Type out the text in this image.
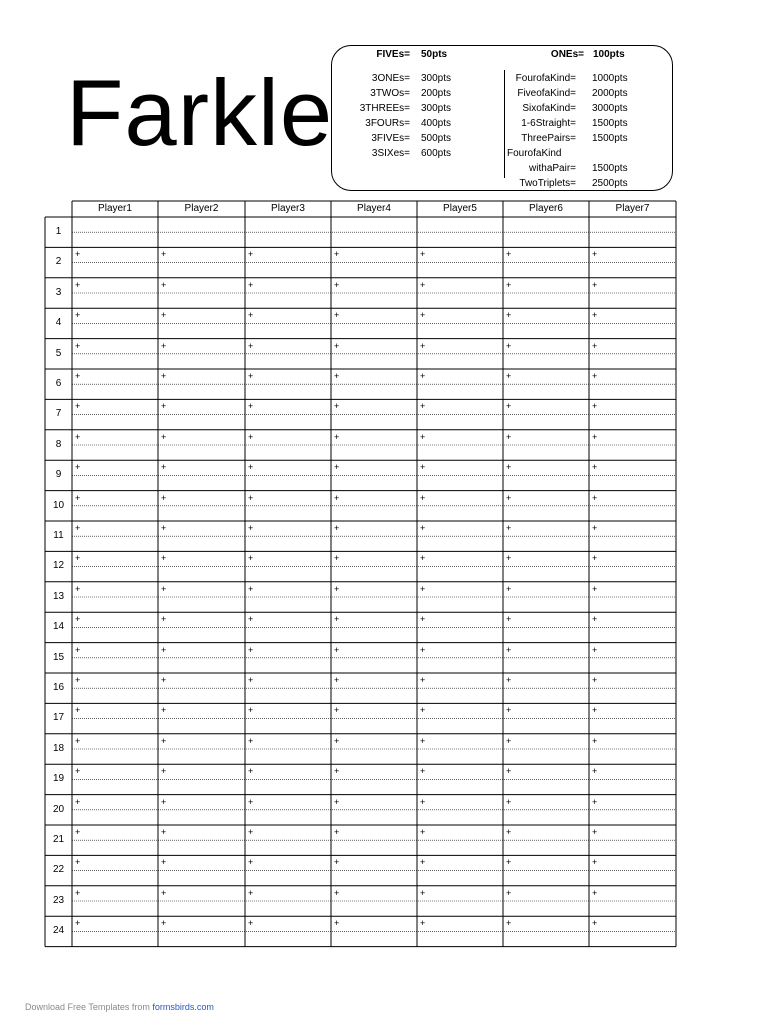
Farkle
FIVEs= 50pts	ONEs= 100pts
3ONEs= 300pts
3TWOs= 200pts
3THREEs= 300pts
3FOURs= 400pts
3FIVEs= 500pts
3SIXes= 600pts
FourofaKind= 1000pts
FiveofaKind= 2000pts
SixofaKind= 3000pts
1-6Straight= 1500pts
ThreePairs= 1500pts
FourofaKind
withaPair= 1500pts
TwoTriplets= 2500pts
Player1	Player2	Player3	Player4	Player5	Player6	Player7
1
2
+	+	+	+	+	+	+
3
+	+	+	+	+	+	+
4
+	+	+	+	+	+	+
5
+	+	+	+	+	+	+
6
+	+	+	+	+	+	+
7
+	+	+	+	+	+	+
8
+	+	+	+	+	+	+
9
+	+	+	+	+	+	+
10
+	+	+	+	+	+	+
11
+	+	+	+	+	+	+
12
+	+	+	+	+	+	+
13
+	+	+	+	+	+	+
14
+	+	+	+	+	+	+
15
+	+	+	+	+	+	+
16
+	+	+	+	+	+	+
17
+	+	+	+	+	+	+
18
+	+	+	+	+	+	+
19
+	+	+	+	+	+	+
20
+	+	+	+	+	+	+
21
+	+	+	+	+	+	+
22
+	+	+	+	+	+	+
23
+	+	+	+	+	+	+
24
+	+	+	+	+	+	+
Download Free Templates from formsbirds.com
